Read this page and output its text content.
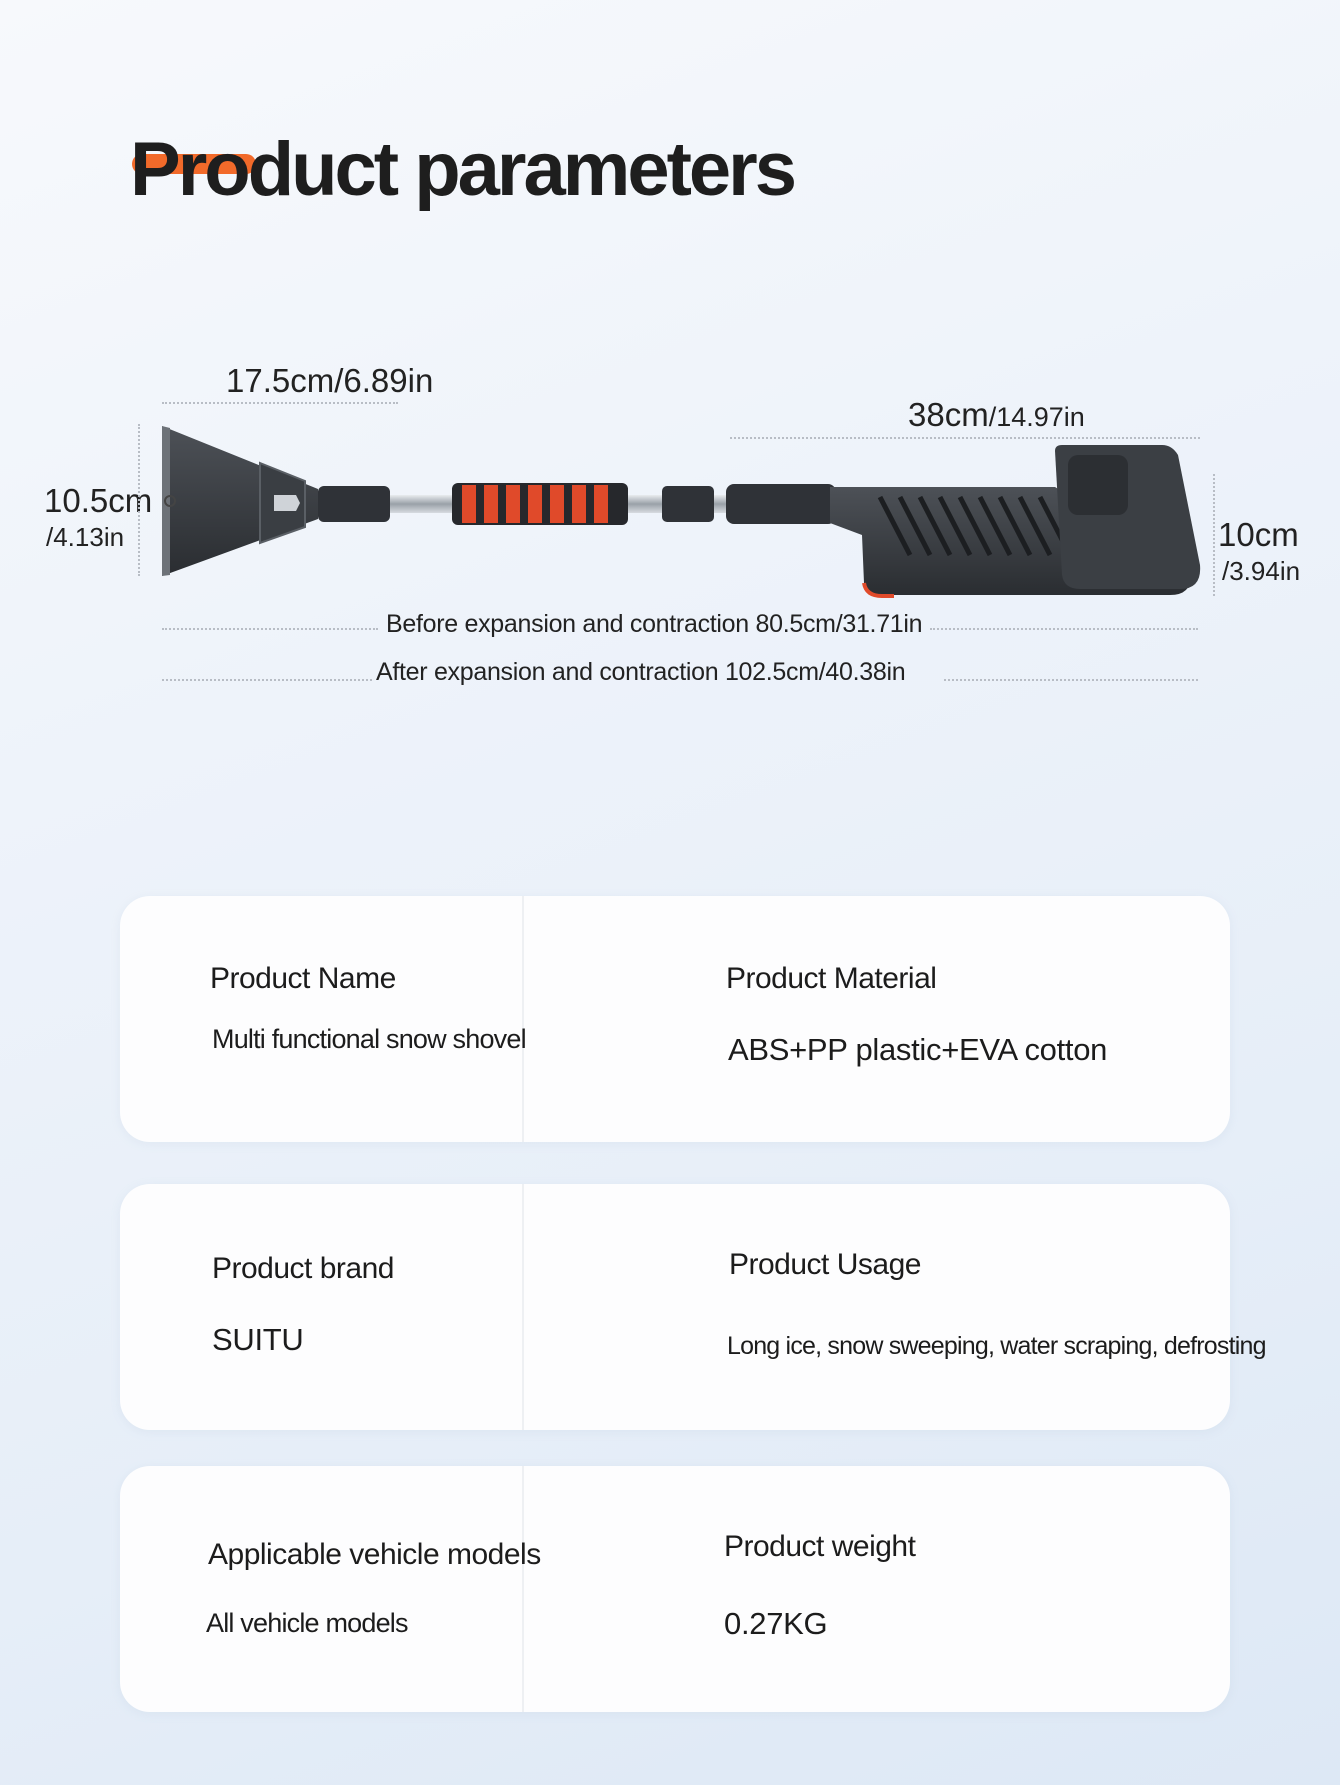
Product parameters
17.5cm/6.89in
38cm/14.97in
10.5cm
/4.13in	10cm
/3.94in
Before expansion and contraction 80.5cm/31.71in
After expansion and contraction 102.5cm/40.38in
Product Name
Multi functional snow shovel
Product Material
ABS+PP plastic+EVA cotton
Product brand
SUITU
Product Usage
Long ice, snow sweeping, water scraping, defrosting
Applicable vehicle models
All vehicle models
Product weight
0.27KG
